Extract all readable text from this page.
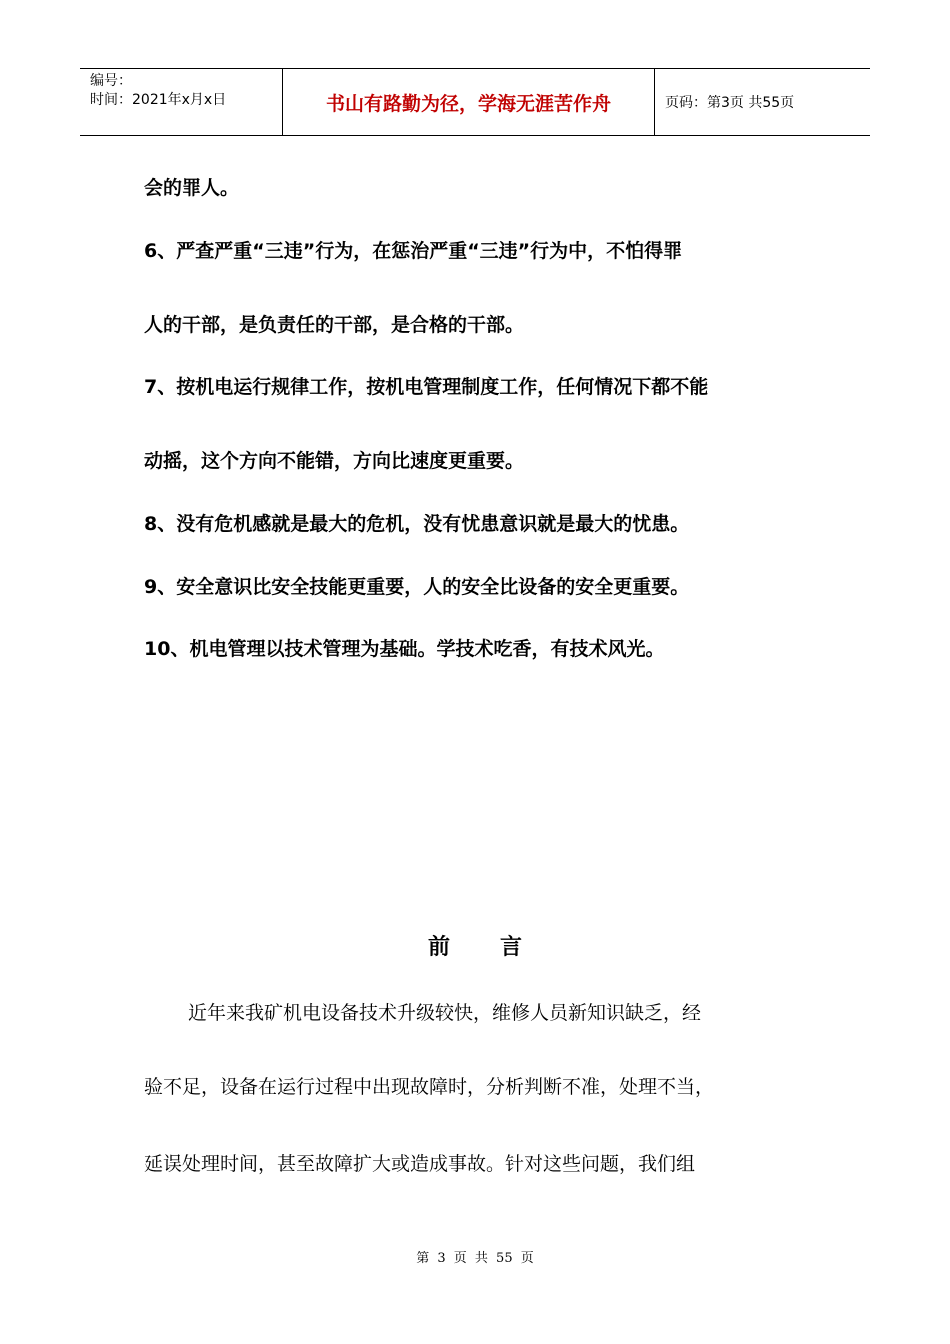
编号：
时间：2021年x月x日	书山有路勤为径，学海无涯苦作舟	页码：第3页 共55页
会的罪人。
6、严查严重“三违”行为，在惩治严重“三违”行为中，不怕得罪
人的干部，是负责任的干部，是合格的干部。
7、按机电运行规律工作，按机电管理制度工作，任何情况下都不能
动摇，这个方向不能错，方向比速度更重要。
8、没有危机感就是最大的危机，没有忧患意识就是最大的忧患。
9、安全意识比安全技能更重要，人的安全比设备的安全更重要。
10、机电管理以技术管理为基础。学技术吃香，有技术风光。
前 言
近年来我矿机电设备技术升级较快，维修人员新知识缺乏，经
验不足，设备在运行过程中出现故障时，分析判断不准，处理不当，
延误处理时间，甚至故障扩大或造成事故。针对这些问题，我们组
第 3 页 共 55 页
